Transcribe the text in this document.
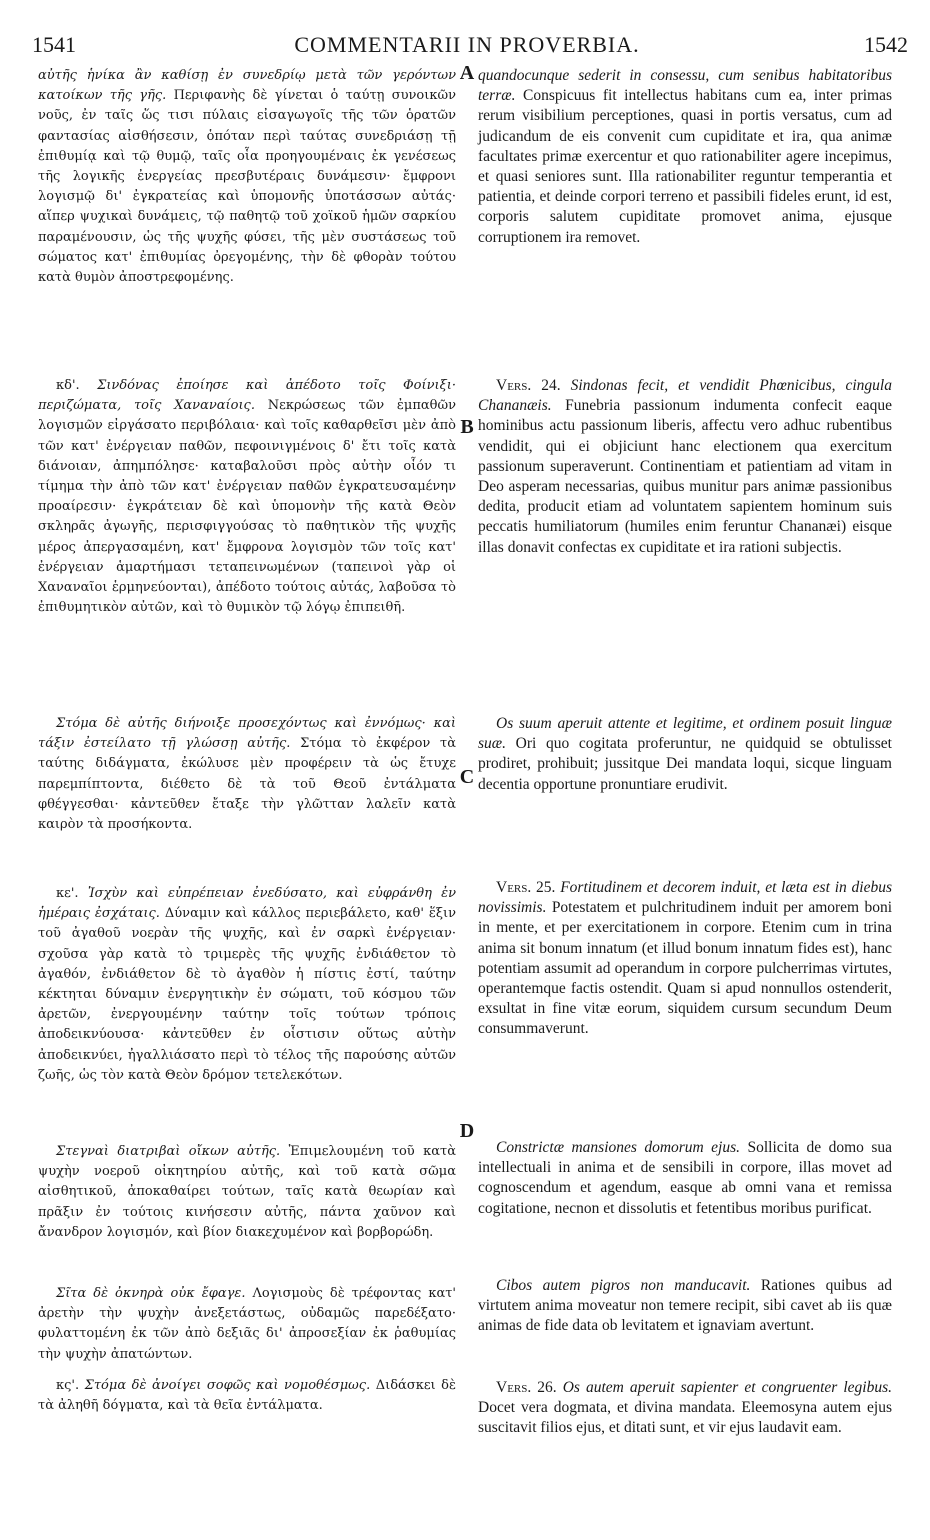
1541	COMMENTARII IN PROVERBIA.	1542
A
B
C
D
αὐτῆς ἡνίκα ἂν καθίσῃ ἐν συνεδρίῳ μετὰ τῶν γερόντων κατοίκων τῆς γῆς. Περιφανὴς δὲ γίνεται ὁ ταύτῃ συνοικῶν νοῦς, ἐν ταῖς ὥς τισι πύλαις εἰσαγωγοῖς τῆς τῶν ὁρατῶν φαντασίας αἰσθήσεσιν, ὁπόταν περὶ ταύτας συνεδριάσῃ τῇ ἐπιθυμίᾳ καὶ τῷ θυμῷ, ταῖς οἷα προηγουμέναις ἐκ γενέσεως τῆς λογικῆς ἐνεργείας πρεσβυτέραις δυνάμεσιν· ἔμφρονι λογισμῷ δι' ἐγκρατείας καὶ ὑπομονῆς ὑποτάσσων αὐτάς· αἵπερ ψυχικαὶ δυνάμεις, τῷ παθητῷ τοῦ χοϊκοῦ ἡμῶν σαρκίου παραμένουσιν, ὡς τῆς ψυχῆς φύσει, τῆς μὲν συστάσεως τοῦ σώματος κατ' ἐπιθυμίας ὀρεγομένης, τὴν δὲ φθορὰν τούτου κατὰ θυμὸν ἀποστρεφομένης.
κδ'. Σινδόνας ἐποίησε καὶ ἀπέδοτο τοῖς Φοίνιξι· περιζώματα, τοῖς Χαναναίοις. Νεκρώσεως τῶν ἐμπαθῶν λογισμῶν εἰργάσατο περιβόλαια· καὶ τοῖς καθαρθεῖσι μὲν ἀπὸ τῶν κατ' ἐνέργειαν παθῶν, πεφοινιγμένοις δ' ἔτι τοῖς κατὰ διάνοιαν, ἀπημπόλησε· καταβαλοῦσι πρὸς αὐτὴν οἷόν τι τίμημα τὴν ἀπὸ τῶν κατ' ἐνέργειαν παθῶν ἐγκρατευσαμένην προαίρεσιν· ἐγκράτειαν δὲ καὶ ὑπομονὴν τῆς κατὰ Θεὸν σκληρᾶς ἀγωγῆς, περισφιγγούσας τὸ παθητικὸν τῆς ψυχῆς μέρος ἀπεργασαμένη, κατ' ἔμφρονα λογισμὸν τῶν τοῖς κατ' ἐνέργειαν ἁμαρτήμασι τεταπεινωμένων (ταπεινοὶ γὰρ οἱ Χαναναῖοι ἑρμηνεύονται), ἀπέδοτο τούτοις αὐτάς, λαβοῦσα τὸ ἐπιθυμητικὸν αὐτῶν, καὶ τὸ θυμικὸν τῷ λόγῳ ἐπιπειθῆ.
Στόμα δὲ αὐτῆς διήνοιξε προσεχόντως καὶ ἐννόμως· καὶ τάξιν ἐστείλατο τῇ γλώσσῃ αὐτῆς. Στόμα τὸ ἐκφέρον τὰ ταύτης διδάγματα, ἐκώλυσε μὲν προφέρειν τὰ ὡς ἔτυχε παρεμπίπτοντα, διέθετο δὲ τὰ τοῦ Θεοῦ ἐντάλματα φθέγγεσθαι· κἀντεῦθεν ἔταξε τὴν γλῶτταν λαλεῖν κατὰ καιρὸν τὰ προσήκοντα.
κε'. Ἰσχὺν καὶ εὐπρέπειαν ἐνεδύσατο, καὶ εὐφράνθη ἐν ἡμέραις ἐσχάταις. Δύναμιν καὶ κάλλος περιεβάλετο, καθ' ἕξιν τοῦ ἀγαθοῦ νοερὰν τῆς ψυχῆς, καὶ ἐν σαρκὶ ἐνέργειαν· σχοῦσα γὰρ κατὰ τὸ τριμερὲς τῆς ψυχῆς ἐνδιάθετον τὸ ἀγαθόν, ἐνδιάθετον δὲ τὸ ἀγαθὸν ἡ πίστις ἐστί, ταύτην κέκτηται δύναμιν ἐνεργητικὴν ἐν σώματι, τοῦ κόσμου τῶν ἀρετῶν, ἐνεργουμένην ταύτην τοῖς τούτων τρόποις ἀποδεικνύουσα· κἀντεῦθεν ἐν οἷστισιν οὕτως αὐτὴν ἀποδεικνύει, ἠγαλλιάσατο περὶ τὸ τέλος τῆς παρούσης αὐτῶν ζωῆς, ὡς τὸν κατὰ Θεὸν δρόμον τετελεκότων.
Στεγναὶ διατριβαὶ οἴκων αὐτῆς. Ἐπιμελουμένη τοῦ κατὰ ψυχὴν νοεροῦ οἰκητηρίου αὐτῆς, καὶ τοῦ κατὰ σῶμα αἰσθητικοῦ, ἀποκαθαίρει τούτων, ταῖς κατὰ θεωρίαν καὶ πρᾶξιν ἐν τούτοις κινήσεσιν αὐτῆς, πάντα χαῦνον καὶ ἄνανδρον λογισμόν, καὶ βίον διακεχυμένον καὶ βορβορώδη.
Σῖτα δὲ ὀκνηρὰ οὐκ ἔφαγε. Λογισμοὺς δὲ τρέφοντας κατ' ἀρετὴν τὴν ψυχὴν ἀνεξετάστως, οὐδαμῶς παρεδέξατο· φυλαττομένη ἐκ τῶν ἀπὸ δεξιᾶς δι' ἀπροσεξίαν ἐκ ῥαθυμίας τὴν ψυχὴν ἀπατώντων.
κς'. Στόμα δὲ ἀνοίγει σοφῶς καὶ νομοθέσμως. Διδάσκει δὲ τὰ ἀληθῆ δόγματα, καὶ τὰ θεῖα ἐντάλματα.
quandocunque sederit in consessu, cum senibus habitatoribus terræ. Conspicuus fit intellectus habitans cum ea, inter primas rerum visibilium perceptiones, quasi in portis versatus, cum ad judicandum de eis convenit cum cupiditate et ira, qua animæ facultates primæ exercentur et quo rationabiliter agere incepimus, et quasi seniores sunt. Illa rationabiliter reguntur temperantia et patientia, et deinde corpori terreno et passibili fideles erunt, id est, corporis salutem cupiditate promovet anima, ejusque corruptionem ira removet.
Vers. 24. Sindonas fecit, et vendidit Phœnicibus, cingula Chananæis. Funebria passionum indumenta confecit eaque hominibus actu passionum liberis, affectu vero adhuc rubentibus vendidit, qui ei objiciunt hanc electionem qua exercitum passionum superaverunt. Continentiam et patientiam ad vitam in Deo asperam necessarias, quibus munitur pars animæ passionibus dedita, producit etiam ad voluntatem sapientem hominum suis peccatis humiliatorum (humiles enim feruntur Chananæi) eisque illas donavit confectas ex cupiditate et ira rationi subjectis.
Os suum aperuit attente et legitime, et ordinem posuit linguæ suæ. Ori quo cogitata proferuntur, ne quidquid se obtulisset prodiret, prohibuit; jussitque Dei mandata loqui, sicque linguam decentia opportune pronuntiare erudivit.
Vers. 25. Fortitudinem et decorem induit, et læta est in diebus novissimis. Potestatem et pulchritudinem induit per amorem boni in mente, et per exercitationem in corpore. Etenim cum in trina anima sit bonum innatum (et illud bonum innatum fides est), hanc potentiam assumit ad operandum in corpore pulcherrimas virtutes, operantemque factis ostendit. Quam si apud nonnullos ostenderit, exsultat in fine vitæ eorum, siquidem cursum secundum Deum consummaverunt.
Constrictæ mansiones domorum ejus. Sollicita de domo sua intellectuali in anima et de sensibili in corpore, illas movet ad cognoscendum et agendum, easque ab omni vana et remissa cogitatione, necnon et dissolutis et fetentibus moribus purificat.
Cibos autem pigros non manducavit. Rationes quibus ad virtutem anima moveatur non temere recipit, sibi cavet ab iis quæ animas de fide data ob levitatem et ignaviam avertunt.
Vers. 26. Os autem aperuit sapienter et congruenter legibus. Docet vera dogmata, et divina mandata. Eleemosyna autem ejus suscitavit filios ejus, et ditati sunt, et vir ejus laudavit eam.
